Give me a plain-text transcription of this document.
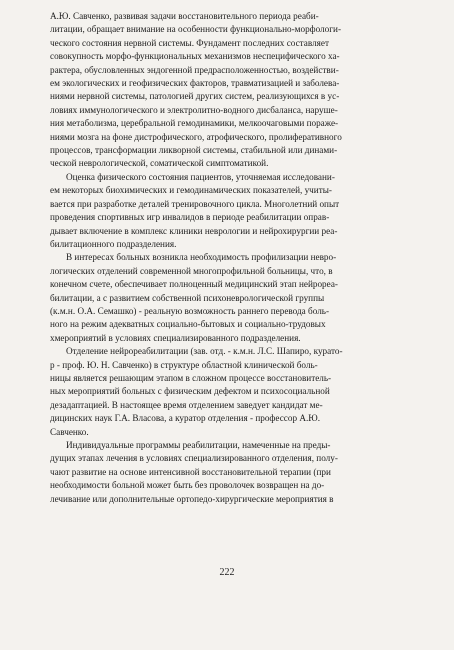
А.Ю. Савченко, развивая задачи восстановительного периода реаби-
литации, обращает внимание на особенности функционально-морфологи-
ческого состояния нервной системы. Фундамент последних составляет
совокупность морфо-функциональных механизмов неспецифического ха-
рактера, обусловленных эндогенной предрасположенностью, воздействи-
ем экологических и геофизических факторов, травматизацией и заболева-
ниями нервной системы, патологией других систем, реализующихся в ус-
ловиях иммунологического и электролитно-водного дисбаланса, наруше-
ния метаболизма, церебральной гемодинамики, мелкоочаговыми пораже-
ниями мозга на фоне дистрофического, атрофического, пролиферативного
процессов, трансформации ликворной системы, стабильной или динами-
ческой неврологической, соматической симптоматикой.
Оценка физического состояния пациентов, уточняемая исследовани-
ем некоторых биохимических и гемодинамических показателей, учиты-
вается при разработке деталей тренировочного цикла. Многолетний опыт
проведения спортивных игр инвалидов в периоде реабилитации оправ-
дывает включение в комплекс клиники неврологии и нейрохирургии реа-
билитационного подразделения.
В интересах больных возникла необходимость профилизации невро-
логических отделений современной многопрофильной больницы, что, в
конечном счете, обеспечивает полноценный медицинский этап нейрореа-
билитации, а с развитием собственной психоневрологической группы
(к.м.н. О.А. Семашко) - реальную возможность раннего перевода боль-
ного на режим адекватных социально-бытовых и социально-трудовых
хмероприятий в условиях специализированного подразделения.
Отделение нейрореабилитации (зав. отд. - к.м.н. Л.С. Шапиро, курато-
р - проф. Ю. Н. Савченко) в структуре областной клинической боль-
ницы является решающим этапом в сложном процессе восстановитель-
ных мероприятий больных с физическим дефектом и психосоциальной
дезадаптацией. В настоящее время отделением заведует кандидат ме-
дицинских наук Г.А. Власова, а куратор отделения - профессор А.Ю.
Савченко.
Индивидуальные программы реабилитации, намеченные на преды-
дущих этапах лечения в условиях специализированного отделения, полу-
чают развитие на основе интенсивной восстановительной терапии (при
необходимости больной может быть без проволочек возвращен на до-
лечивание или дополнительные ортопедо-хирургические мероприятия в
222
